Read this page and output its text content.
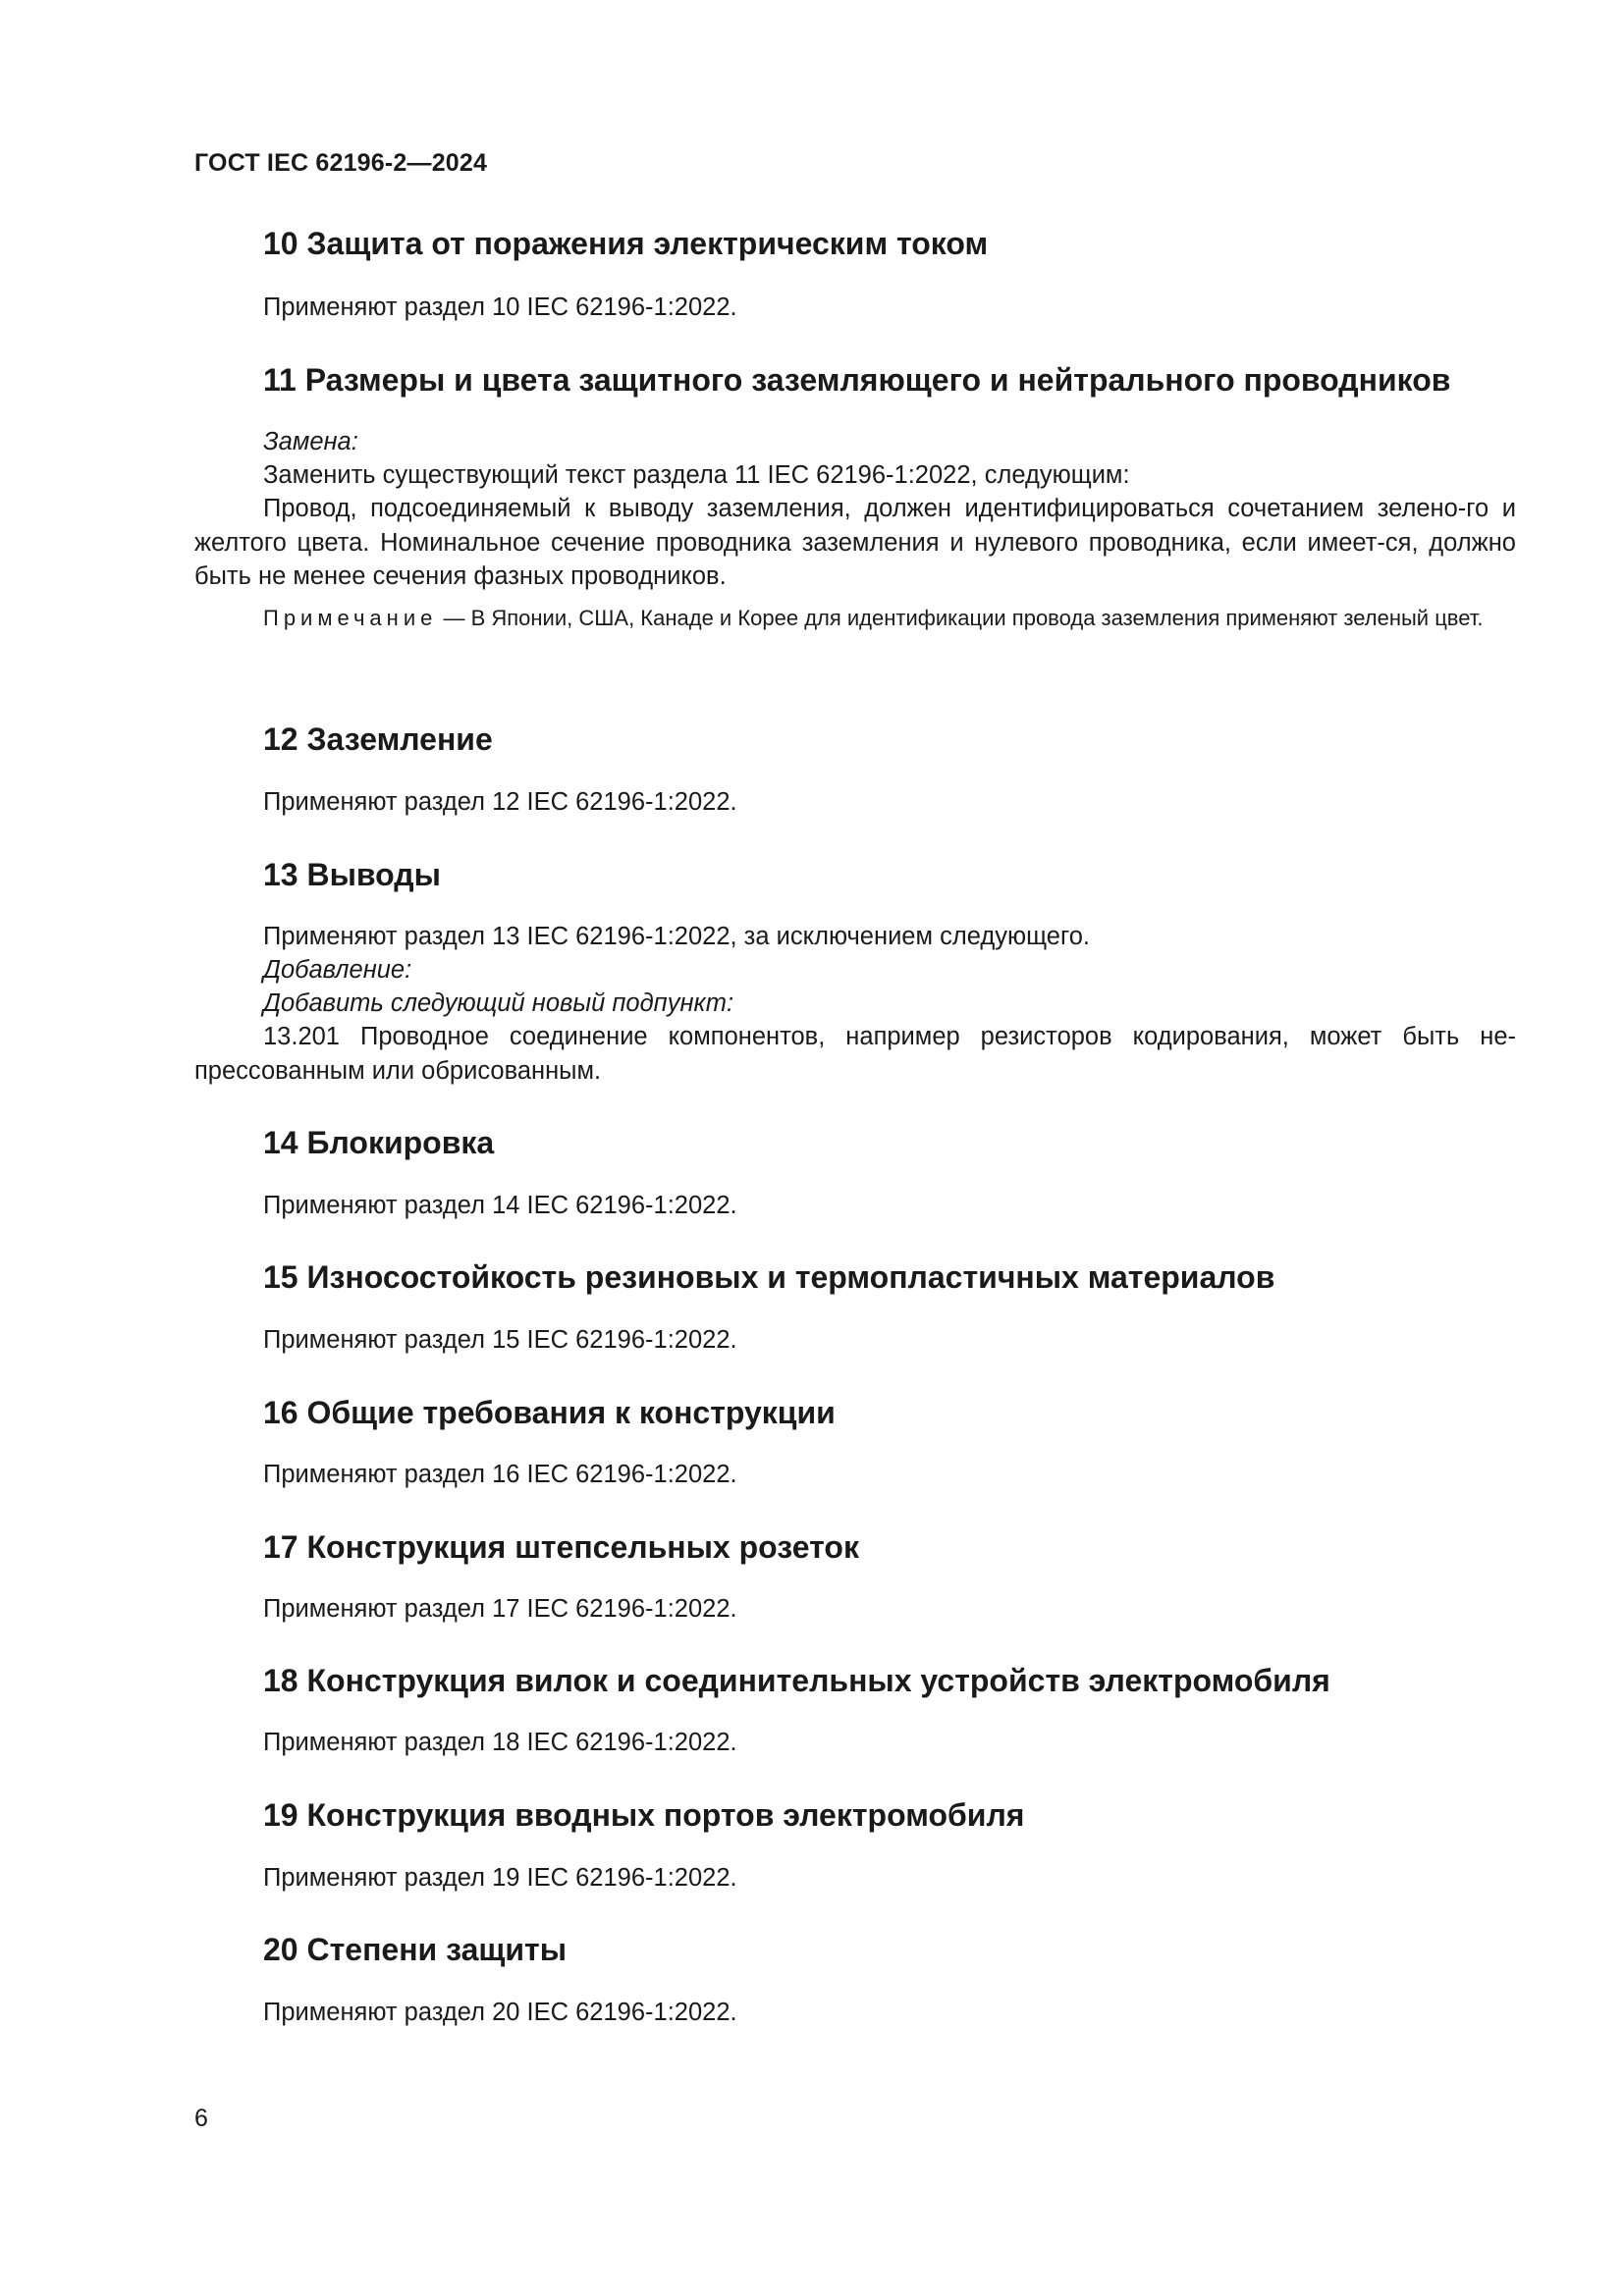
ГОСТ IEC 62196-2—2024
10 Защита от поражения электрическим током

Применяют раздел 10 IEC 62196-1:2022.

11 Размеры и цвета защитного заземляющего и нейтрального проводников

Замена:

Заменить существующий текст раздела 11 IEC 62196-1:2022, следующим:

Провод, подсоединяемый к выводу заземления, должен идентифицироваться сочетанием зелено-го и желтого цвета. Номинальное сечение проводника заземления и нулевого проводника, если имеет-ся, должно быть не менее сечения фазных проводников.

Примечание — В Японии, США, Канаде и Корее для идентификации провода заземления применяют зеленый цвет.

12 Заземление

Применяют раздел 12 IEC 62196-1:2022.

13 Выводы

Применяют раздел 13 IEC 62196-1:2022, за исключением следующего.

Добавление:

Добавить следующий новый подпункт:

13.201 Проводное соединение компонентов, например резисторов кодирования, может быть не-прессованным или обрисованным.

14 Блокировка

Применяют раздел 14 IEC 62196-1:2022.

15 Износостойкость резиновых и термопластичных материалов

Применяют раздел 15 IEC 62196-1:2022.

16 Общие требования к конструкции

Применяют раздел 16 IEC 62196-1:2022.

17 Конструкция штепсельных розеток

Применяют раздел 17 IEC 62196-1:2022.

18 Конструкция вилок и соединительных устройств электромобиля

Применяют раздел 18 IEC 62196-1:2022.

19 Конструкция вводных портов электромобиля

Применяют раздел 19 IEC 62196-1:2022.

20 Степени защиты

Применяют раздел 20 IEC 62196-1:2022.

6
